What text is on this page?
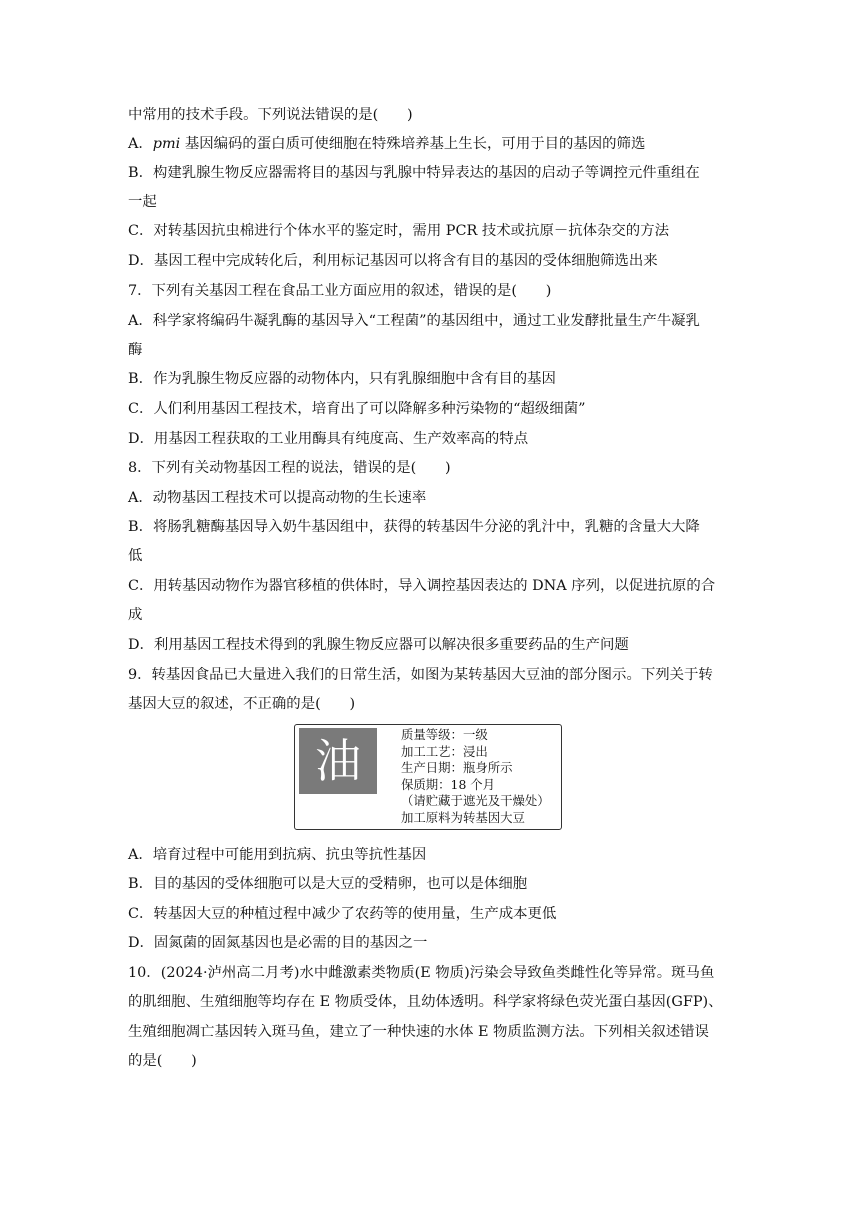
中常用的技术手段。下列说法错误的是(　　)
A．pmi 基因编码的蛋白质可使细胞在特殊培养基上生长，可用于目的基因的筛选
B．构建乳腺生物反应器需将目的基因与乳腺中特异表达的基因的启动子等调控元件重组在
一起
C．对转基因抗虫棉进行个体水平的鉴定时，需用 PCR 技术或抗原－抗体杂交的方法
D．基因工程中完成转化后，利用标记基因可以将含有目的基因的受体细胞筛选出来
7．下列有关基因工程在食品工业方面应用的叙述，错误的是(　　)
A．科学家将编码牛凝乳酶的基因导入“工程菌”的基因组中，通过工业发酵批量生产牛凝乳
酶
B．作为乳腺生物反应器的动物体内，只有乳腺细胞中含有目的基因
C．人们利用基因工程技术，培育出了可以降解多种污染物的“超级细菌”
D．用基因工程获取的工业用酶具有纯度高、生产效率高的特点
8．下列有关动物基因工程的说法，错误的是(　　)
A．动物基因工程技术可以提高动物的生长速率
B．将肠乳糖酶基因导入奶牛基因组中，获得的转基因牛分泌的乳汁中，乳糖的含量大大降
低
C．用转基因动物作为器官移植的供体时，导入调控基因表达的 DNA 序列，以促进抗原的合
成
D．利用基因工程技术得到的乳腺生物反应器可以解决很多重要药品的生产问题
9．转基因食品已大量进入我们的日常生活，如图为某转基因大豆油的部分图示。下列关于转
基因大豆的叙述，不正确的是(　　)
油	质量等级：一级
加工工艺：浸出
生产日期：瓶身所示
保质期：18 个月
（请贮藏于遮光及干燥处）
加工原料为转基因大豆
A．培育过程中可能用到抗病、抗虫等抗性基因
B．目的基因的受体细胞可以是大豆的受精卵，也可以是体细胞
C．转基因大豆的种植过程中减少了农药等的使用量，生产成本更低
D．固氮菌的固氮基因也是必需的目的基因之一
10．(2024·泸州高二月考)水中雌激素类物质(E 物质)污染会导致鱼类雌性化等异常。斑马鱼
的肌细胞、生殖细胞等均存在 E 物质受体，且幼体透明。科学家将绿色荧光蛋白基因(GFP)、
生殖细胞凋亡基因转入斑马鱼，建立了一种快速的水体 E 物质监测方法。下列相关叙述错误
的是(　　)
